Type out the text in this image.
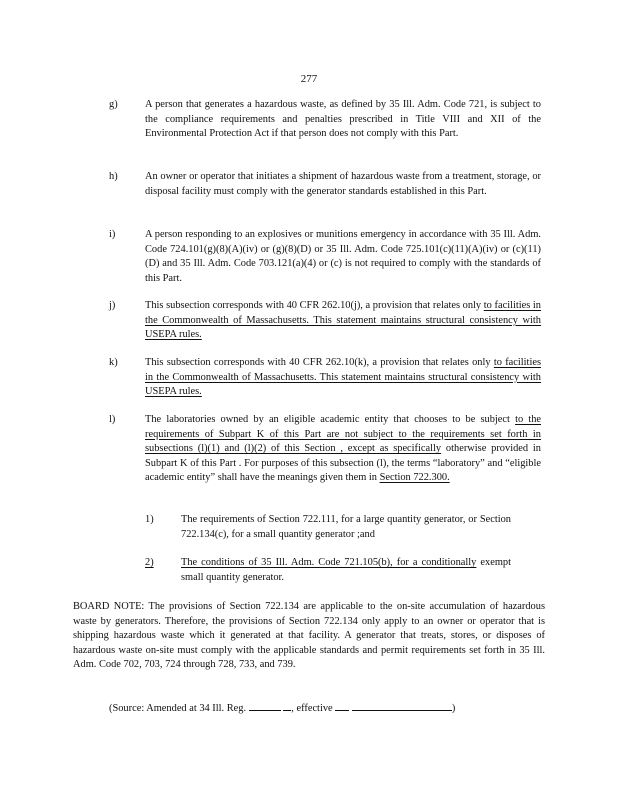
277
g)	A person that generates a hazardous waste, as defined by 35 Ill. Adm. Code 721, is subject to the compliance requirements and penalties prescribed in Title VIII and XII of the Environmental Protection Act if that person does not comply with this Part.
h)	An owner or operator that initiates a shipment of hazardous waste from a treatment, storage, or disposal facility must comply with the generator standards established in this Part.
i)	A person responding to an explosives or munitions emergency in accordance with 35 Ill. Adm. Code 724.101(g)(8)(A)(iv) or (g)(8)(D) or 35 Ill. Adm. Code 725.101(c)(11)(A)(iv) or (c)(11)(D) and 35 Ill. Adm. Code 703.121(a)(4) or (c) is not required to comply with the standards of this Part.
j)	This subsection corresponds with 40 CFR 262.10(j), a provision that relates only to facilities in the Commonwealth of Massachusetts. This statement maintains structural consistency with USEPA rules.
k)	This subsection corresponds with 40 CFR 262.10(k), a provision that relates only to facilities in the Commonwealth of Massachusetts. This statement maintains structural consistency with USEPA rules.
l)	The laboratories owned by an eligible academic entity that chooses to be subject to the requirements of Subpart K of this Part are not subject to the requirements set forth in subsections (l)(1) and (l)(2) of this Section , except as specifically otherwise provided in Subpart K of this Part . For purposes of this subsection (l), the terms “laboratory” and “eligible academic entity” shall have the meanings given them in Section 722.300.
1)	The requirements of Section 722.111, for a large quantity generator, or Section 722.134(c), for a small quantity generator ;and
2)	The conditions of 35 Ill. Adm. Code 721.105(b), for a conditionally exempt small quantity generator.
BOARD NOTE: The provisions of Section 722.134 are applicable to the on-site accumulation of hazardous waste by generators. Therefore, the provisions of Section 722.134 only apply to an owner or operator that is shipping hazardous waste which it generated at that facility. A generator that treats, stores, or disposes of hazardous waste on-site must comply with the applicable standards and permit requirements set forth in 35 Ill. Adm. Code 702, 703, 724 through 728, 733, and 739.
(Source: Amended at 34 Ill. Reg.	, effective	)
